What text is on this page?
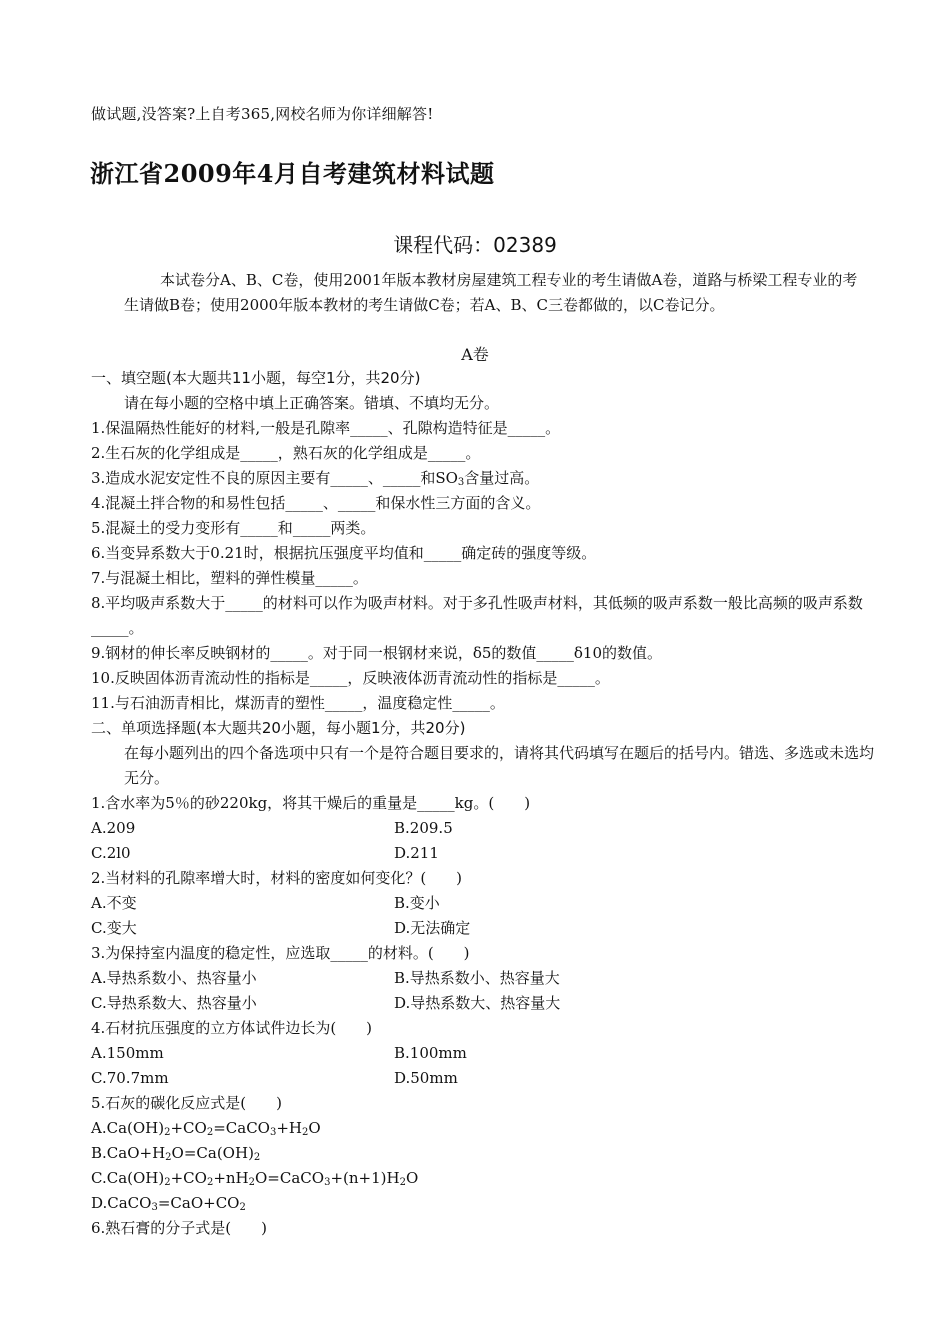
做试题,没答案?上自考365,网校名师为你详细解答!
浙江省2009年4月自考建筑材料试题
课程代码：02389
本试卷分A、B、C卷，使用2001年版本教材房屋建筑工程专业的考生请做A卷，道路与桥梁工程专业的考生请做B卷；使用2000年版本教材的考生请做C卷；若A、B、C三卷都做的，以C卷记分。
A卷
一、填空题(本大题共11小题，每空1分，共20分)
请在每小题的空格中填上正确答案。错填、不填均无分。
1.保温隔热性能好的材料,一般是孔隙率_____、孔隙构造特征是_____。
2.生石灰的化学组成是_____，熟石灰的化学组成是_____。
3.造成水泥安定性不良的原因主要有_____、_____和$SO_3$含量过高。
4.混凝土拌合物的和易性包括_____、_____和保水性三方面的含义。
5.混凝土的受力变形有_____和_____两类。
6.当变异系数大于0.21时，根据抗压强度平均值和_____确定砖的强度等级。
7.与混凝土相比，塑料的弹性模量_____。
8.平均吸声系数大于_____的材料可以作为吸声材料。对于多孔性吸声材料，其低频的吸声系数一般比高频的吸声系数_____。
9.钢材的伸长率反映钢材的_____。对于同一根钢材来说，δ5的数值_____δ10的数值。
10.反映固体沥青流动性的指标是_____，反映液体沥青流动性的指标是_____。
11.与石油沥青相比，煤沥青的塑性_____，温度稳定性_____。
二、单项选择题(本大题共20小题，每小题1分，共20分)
在每小题列出的四个备选项中只有一个是符合题目要求的，请将其代码填写在题后的括号内。错选、多选或未选均无分。
1.含水率为5％的砂220kg，将其干燥后的重量是_____kg。(　　)
A.209	B.209.5
C.2l0	D.211
2.当材料的孔隙率增大时，材料的密度如何变化？(　　)
A.不变	B.变小
C.变大	D.无法确定
3.为保持室内温度的稳定性，应选取_____的材料。(　　)
A.导热系数小、热容量小	B.导热系数小、热容量大
C.导热系数大、热容量小	D.导热系数大、热容量大
4.石材抗压强度的立方体试件边长为(　　)
A.150mm	B.100mm
C.70.7mm	D.50mm
5.石灰的碳化反应式是(　　)
$A.Ca(OH)_2+CO_2=CaCO_3+H_2O$
$B.CaO+H_2O=Ca(OH)_2$
$C.Ca(OH)_2+CO_2+nH_2O=CaCO_3+(n+1)H_2O$
$D.CaCO_3=CaO+CO_2$
6.熟石膏的分子式是(　　)
